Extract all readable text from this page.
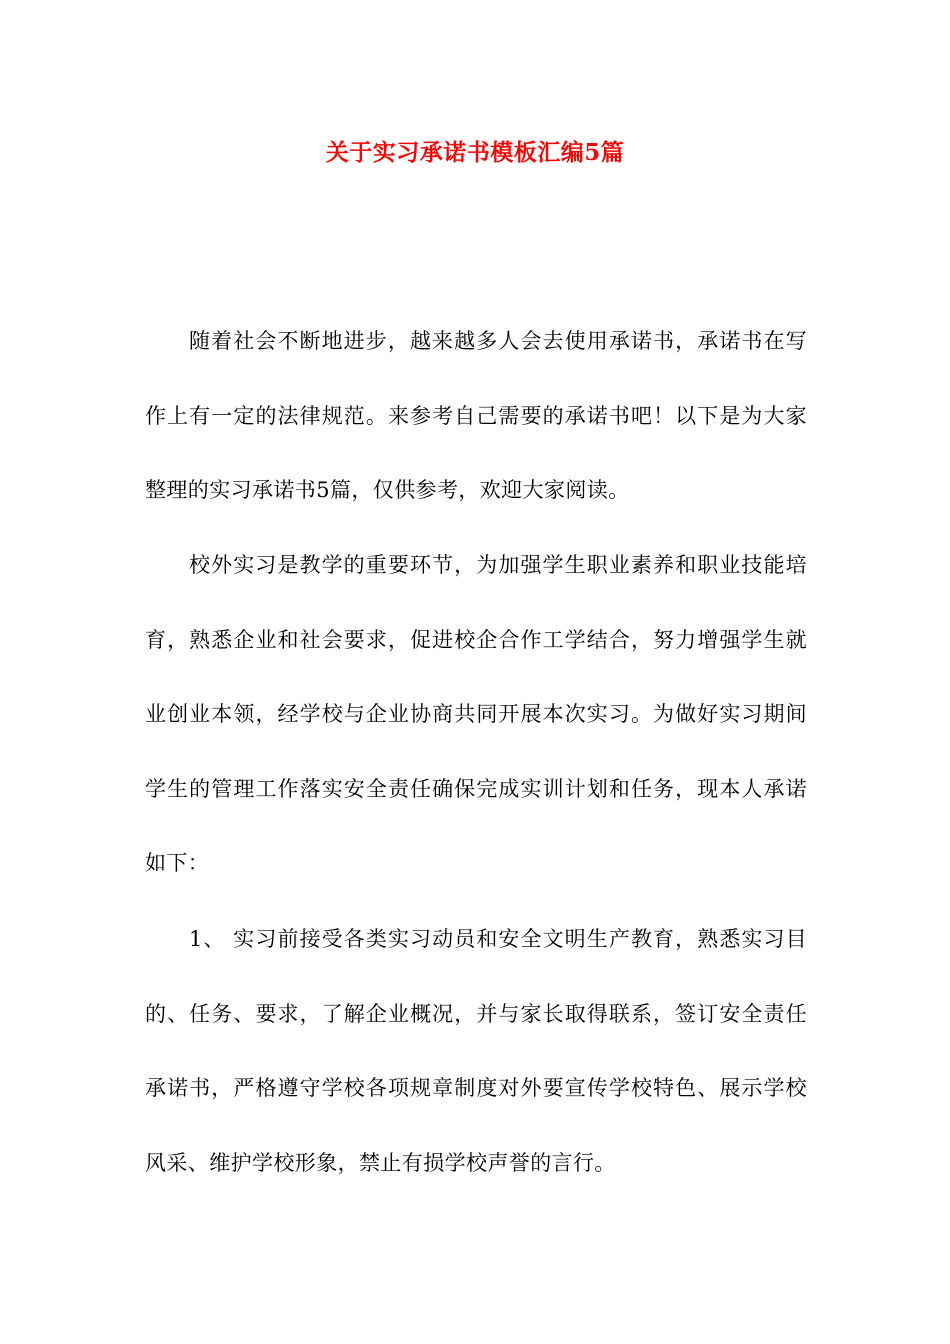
关于实习承诺书模板汇编5篇

随着社会不断地进步，越来越多人会去使用承诺书，承诺书在写作上有一定的法律规范。来参考自己需要的承诺书吧！以下是为大家整理的实习承诺书5篇，仅供参考，欢迎大家阅读。

校外实习是教学的重要环节，为加强学生职业素养和职业技能培育，熟悉企业和社会要求，促进校企合作工学结合，努力增强学生就业创业本领，经学校与企业协商共同开展本次实习。为做好实习期间学生的管理工作落实安全责任确保完成实训计划和任务，现本人承诺如下：

1、 实习前接受各类实习动员和安全文明生产教育，熟悉实习目的、任务、要求，了解企业概况，并与家长取得联系，签订安全责任承诺书，严格遵守学校各项规章制度对外要宣传学校特色、展示学校风采、维护学校形象，禁止有损学校声誉的言行。
